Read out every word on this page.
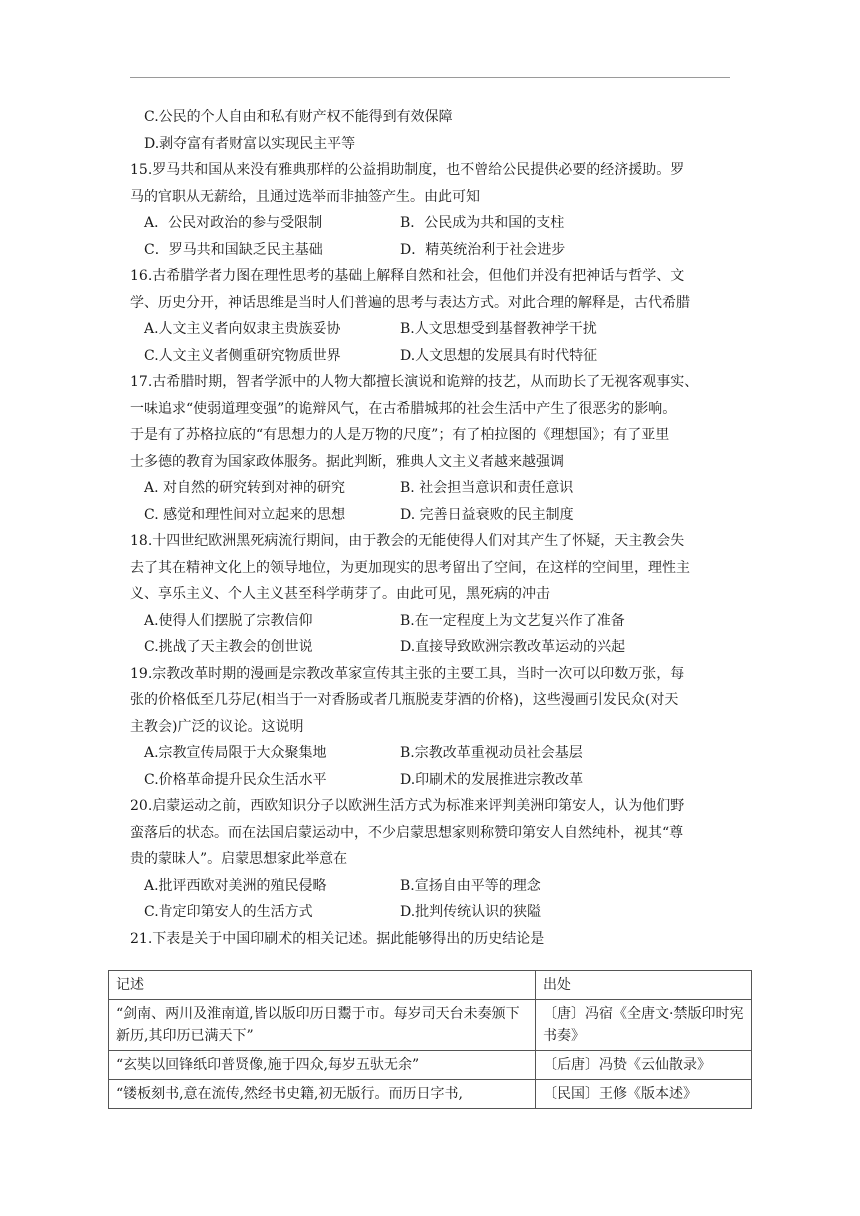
C.公民的个人自由和私有财产权不能得到有效保障
D.剥夺富有者财富以实现民主平等
15.罗马共和国从来没有雅典那样的公益捐助制度，也不曾给公民提供必要的经济援助。罗
马的官职从无薪给，且通过选举而非抽签产生。由此可知
A．公民对政治的参与受限制	B．公民成为共和国的支柱
C．罗马共和国缺乏民主基础	D．精英统治利于社会进步
16.古希腊学者力图在理性思考的基础上解释自然和社会，但他们并没有把神话与哲学、文
学、历史分开，神话思维是当时人们普遍的思考与表达方式。对此合理的解释是，古代希腊
A.人文主义者向奴隶主贵族妥协	B.人文思想受到基督教神学干扰
C.人文主义者侧重研究物质世界	D.人文思想的发展具有时代特征
17.古希腊时期，智者学派中的人物大都擅长演说和诡辩的技艺，从而助长了无视客观事实、
一味追求“使弱道理变强”的诡辩风气，在古希腊城邦的社会生活中产生了很恶劣的影响。
于是有了苏格拉底的“有思想力的人是万物的尺度”；有了柏拉图的《理想国》；有了亚里
士多德的教育为国家政体服务。据此判断，雅典人文主义者越来越强调
A. 对自然的研究转到对神的研究	B. 社会担当意识和责任意识
C. 感觉和理性间对立起来的思想	D. 完善日益衰败的民主制度
18.十四世纪欧洲黑死病流行期间，由于教会的无能使得人们对其产生了怀疑，天主教会失
去了其在精神文化上的领导地位，为更加现实的思考留出了空间，在这样的空间里，理性主
义、享乐主义、个人主义甚至科学萌芽了。由此可见，黑死病的冲击
A.使得人们摆脱了宗教信仰	B.在一定程度上为文艺复兴作了准备
C.挑战了天主教会的创世说	D.直接导致欧洲宗教改革运动的兴起
19.宗教改革时期的漫画是宗教改革家宣传其主张的主要工具，当时一次可以印数万张，每
张的价格低至几芬尼(相当于一对香肠或者几瓶脱麦芽酒的价格)，这些漫画引发民众(对天
主教会)广泛的议论。这说明
A.宗教宣传局限于大众聚集地	B.宗教改革重视动员社会基层
C.价格革命提升民众生活水平	D.印刷术的发展推进宗教改革
20.启蒙运动之前，西欧知识分子以欧洲生活方式为标准来评判美洲印第安人，认为他们野
蛮落后的状态。而在法国启蒙运动中，不少启蒙思想家则称赞印第安人自然纯朴，视其“尊
贵的蒙昧人”。启蒙思想家此举意在
A.批评西欧对美洲的殖民侵略	B.宣扬自由平等的理念
C.肯定印第安人的生活方式	D.批判传统认识的狭隘
21.下表是关于中国印刷术的相关记述。据此能够得出的历史结论是
记述	出处
“剑南、两川及淮南道,皆以版印历日鬻于市。每岁司天台未奏颁下新历,其印历已满天下”	〔唐〕冯宿《全唐文·禁版印时宪书奏》
“玄奘以回锋纸印普贤像,施于四众,每岁五驮无余”	〔后唐〕冯贽《云仙散录》
“镂板刻书,意在流传,然经书史籍,初无版行。而历日字书,	〔民国〕王修《版本述》
